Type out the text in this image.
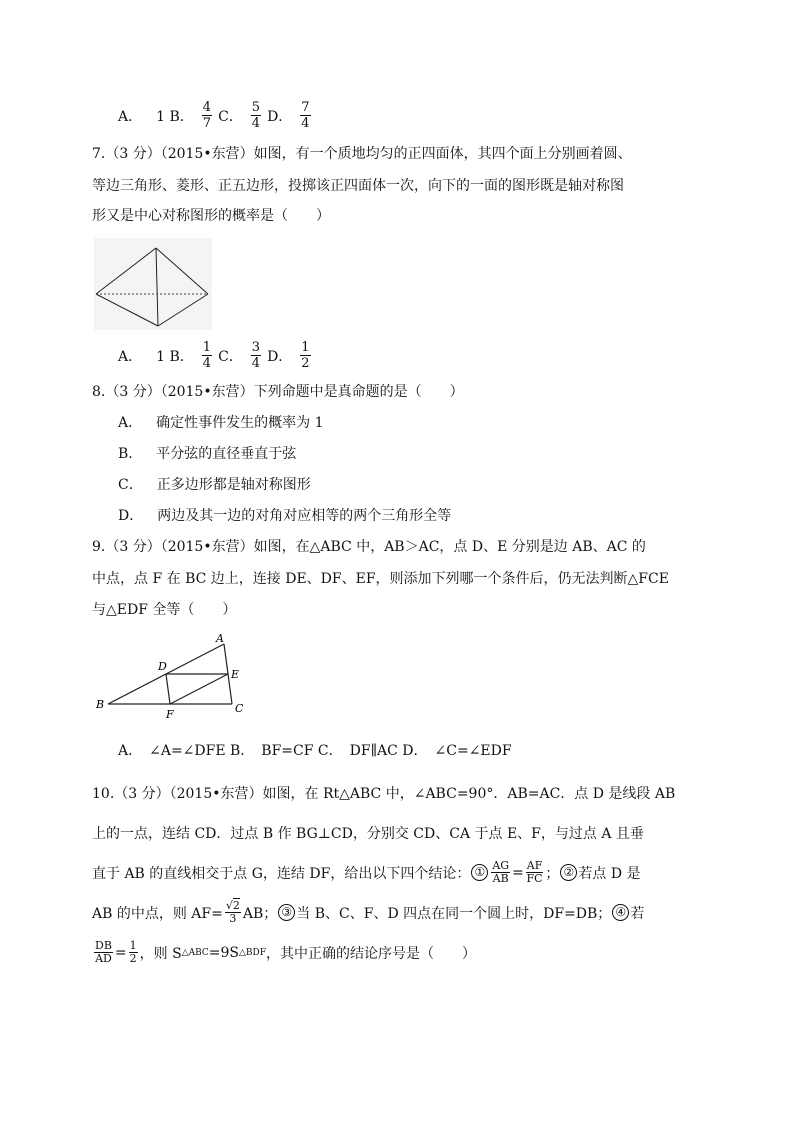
A． 1 B． $\frac{4}{7}$ C． $\frac{5}{4}$ D． $\frac{7}{4}$
7.（3 分）（2015•东营）如图，有一个质地均匀的正四面体，其四个面上分别画着圆、
等边三角形、菱形、正五边形，投掷该正四面体一次，向下的一面的图形既是轴对称图
形又是中心对称图形的概率是（　　）
A． 1 B． $\frac{1}{4}$ C． $\frac{3}{4}$ D． $\frac{1}{2}$
8.（3 分）（2015•东营）下列命题中是真命题的是（　　）
A． 确定性事件发生的概率为 1
B． 平分弦的直径垂直于弦
C． 正多边形都是轴对称图形
D． 两边及其一边的对角对应相等的两个三角形全等
9.（3 分）（2015•东营）如图，在△ABC 中，AB＞AC，点 D、E 分别是边 AB、AC 的
中点，点 F 在 BC 边上，连接 DE、DF、EF，则添加下列哪一个条件后，仍无法判断△FCE
与△EDF 全等（　　）
A
B	C
D
E
F
A．　∠A=∠DFE B．　BF=CF C．　DF∥AC D．　∠C=∠EDF
10.（3 分）（2015•东营）如图，在 Rt△ABC 中，∠ABC=90°．AB=AC．点 D 是线段 AB
上的一点，连结 CD．过点 B 作 BG⊥CD，分别交 CD、CA 于点 E、F，与过点 A 且垂
直于 AB 的直线相交于点 G，连结 DF，给出以下四个结论： ① $\frac{AG}{AB} = \frac{AF}{FC}$ ； ② 若点 D 是
AB 的中点，则 $AF= \frac{√2}{3}$ AB； ③ 当 B、C、F、D 四点在同一个圆上时，DF=DB； ④ 若
$\frac{DB}{AD} = \frac{1}{2}$ ，则 S △ABC =9S △BDF ，其中正确的结论序号是（　　）
